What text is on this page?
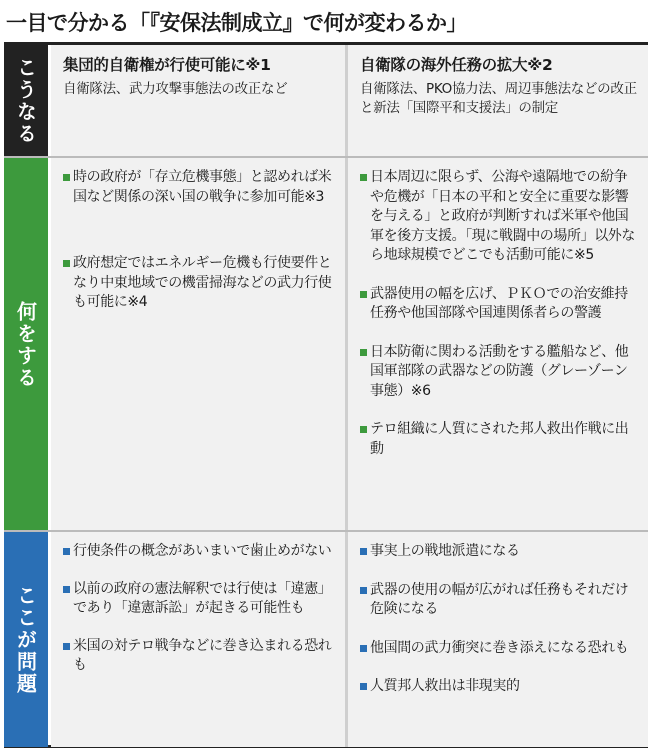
一目で分かる「『安保法制成立』で何が変わるか」
こうなる	集団的自衛権が行使可能に※1
自衛隊法、武力攻撃事態法の改正など
自衛隊の海外任務の拡大※2
自衛隊法、PKO協力法、周辺事態法などの改正と新法「国際平和支援法」の制定
何をする
時の政府が「存立危機事態」と認めれば米国など関係の深い国の戦争に参加可能※3
政府想定ではエネルギー危機も行使要件となり中東地域での機雷掃海などの武力行使も可能に※4
日本周辺に限らず、公海や遠隔地での紛争や危機が「日本の平和と安全に重要な影響を与える」と政府が判断すれば米軍や他国軍を後方支援。「現に戦闘中の場所」以外なら地球規模でどこでも活動可能に※5
武器使用の幅を広げ、ＰＫＯでの治安維持任務や他国部隊や国連関係者らの警護
日本防衛に関わる活動をする艦船など、他国軍部隊の武器などの防護（グレーゾーン事態）※6
テロ組織に人質にされた邦人救出作戦に出動
ここが問題
行使条件の概念があいまいで歯止めがない
以前の政府の憲法解釈では行使は「違憲」であり「違憲訴訟」が起きる可能性も
米国の対テロ戦争などに巻き込まれる恐れも
事実上の戦地派遣になる
武器の使用の幅が広がれば任務もそれだけ危険になる
他国間の武力衝突に巻き添えになる恐れも
人質邦人救出は非現実的
